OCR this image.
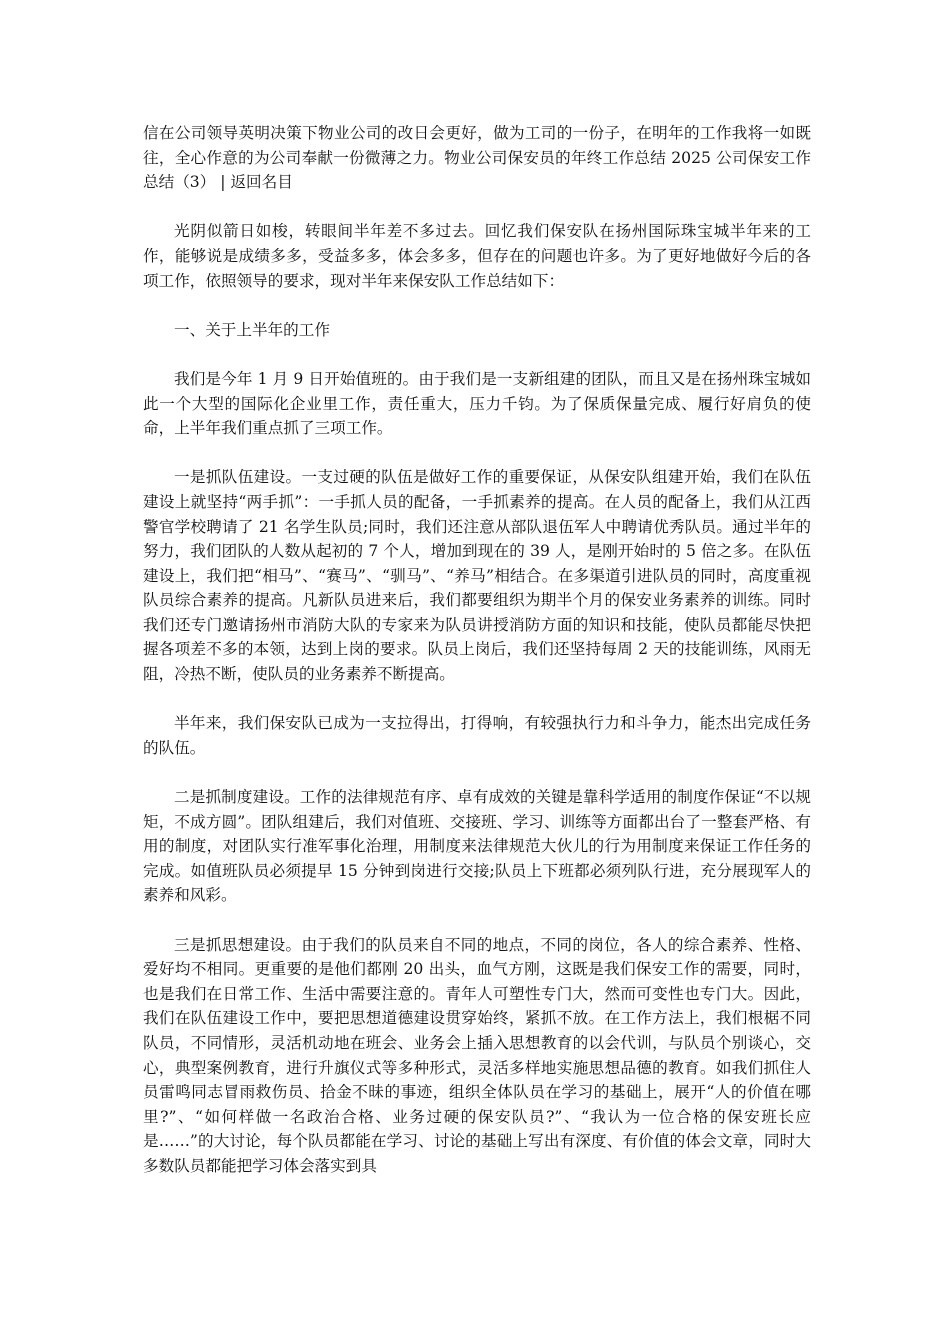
信在公司领导英明决策下物业公司的改日会更好，做为工司的一份子，在明年的工作我将一如既往，全心作意的为公司奉献一份微薄之力。物业公司保安员的年终工作总结 2025 公司保安工作总结（3） | 返回名目

光阴似箭日如梭，转眼间半年差不多过去。回忆我们保安队在扬州国际珠宝城半年来的工作，能够说是成绩多多，受益多多，体会多多，但存在的问题也许多。为了更好地做好今后的各项工作，依照领导的要求，现对半年来保安队工作总结如下：

一、关于上半年的工作

我们是今年 1 月 9 日开始值班的。由于我们是一支新组建的团队，而且又是在扬州珠宝城如此一个大型的国际化企业里工作，责任重大，压力千钧。为了保质保量完成、履行好肩负的使命，上半年我们重点抓了三项工作。

一是抓队伍建设。一支过硬的队伍是做好工作的重要保证，从保安队组建开始，我们在队伍建设上就坚持“两手抓”：一手抓人员的配备，一手抓素养的提高。在人员的配备上，我们从江西警官学校聘请了 21 名学生队员;同时，我们还注意从部队退伍军人中聘请优秀队员。通过半年的努力，我们团队的人数从起初的 7 个人，增加到现在的 39 人，是刚开始时的 5 倍之多。在队伍建设上，我们把“相马”、“赛马”、“驯马”、“养马”相结合。在多渠道引进队员的同时，高度重视队员综合素养的提高。凡新队员进来后，我们都要组织为期半个月的保安业务素养的训练。同时我们还专门邀请扬州市消防大队的专家来为队员讲授消防方面的知识和技能，使队员都能尽快把握各项差不多的本领，达到上岗的要求。队员上岗后，我们还坚持每周 2 天的技能训练，风雨无阻，冷热不断，使队员的业务素养不断提高。

半年来，我们保安队已成为一支拉得出，打得响，有较强执行力和斗争力，能杰出完成任务的队伍。

二是抓制度建设。工作的法律规范有序、卓有成效的关键是靠科学适用的制度作保证“不以规矩，不成方圆”。团队组建后，我们对值班、交接班、学习、训练等方面都出台了一整套严格、有用的制度，对团队实行准军事化治理，用制度来法律规范大伙儿的行为用制度来保证工作任务的完成。如值班队员必须提早 15 分钟到岗进行交接;队员上下班都必须列队行进，充分展现军人的素养和风彩。

三是抓思想建设。由于我们的队员来自不同的地点，不同的岗位，各人的综合素养、性格、爱好均不相同。更重要的是他们都刚 20 出头，血气方刚，这既是我们保安工作的需要，同时，也是我们在日常工作、生活中需要注意的。青年人可塑性专门大，然而可变性也专门大。因此，我们在队伍建设工作中，要把思想道德建设贯穿始终，紧抓不放。在工作方法上，我们根椐不同队员，不同情形，灵活机动地在班会、业务会上插入思想教育的以会代训，与队员个别谈心，交心，典型案例教育，进行升旗仪式等多种形式，灵活多样地实施思想品德的教育。如我们抓住人员雷鸣同志冒雨救伤员、拾金不昧的事迹，组织全体队员在学习的基础上，展开“人的价值在哪里?”、“如何样做一名政治合格、业务过硬的保安队员?”、“我认为一位合格的保安班长应是……”的大讨论，每个队员都能在学习、讨论的基础上写出有深度、有价值的体会文章，同时大多数队员都能把学习体会落实到具
